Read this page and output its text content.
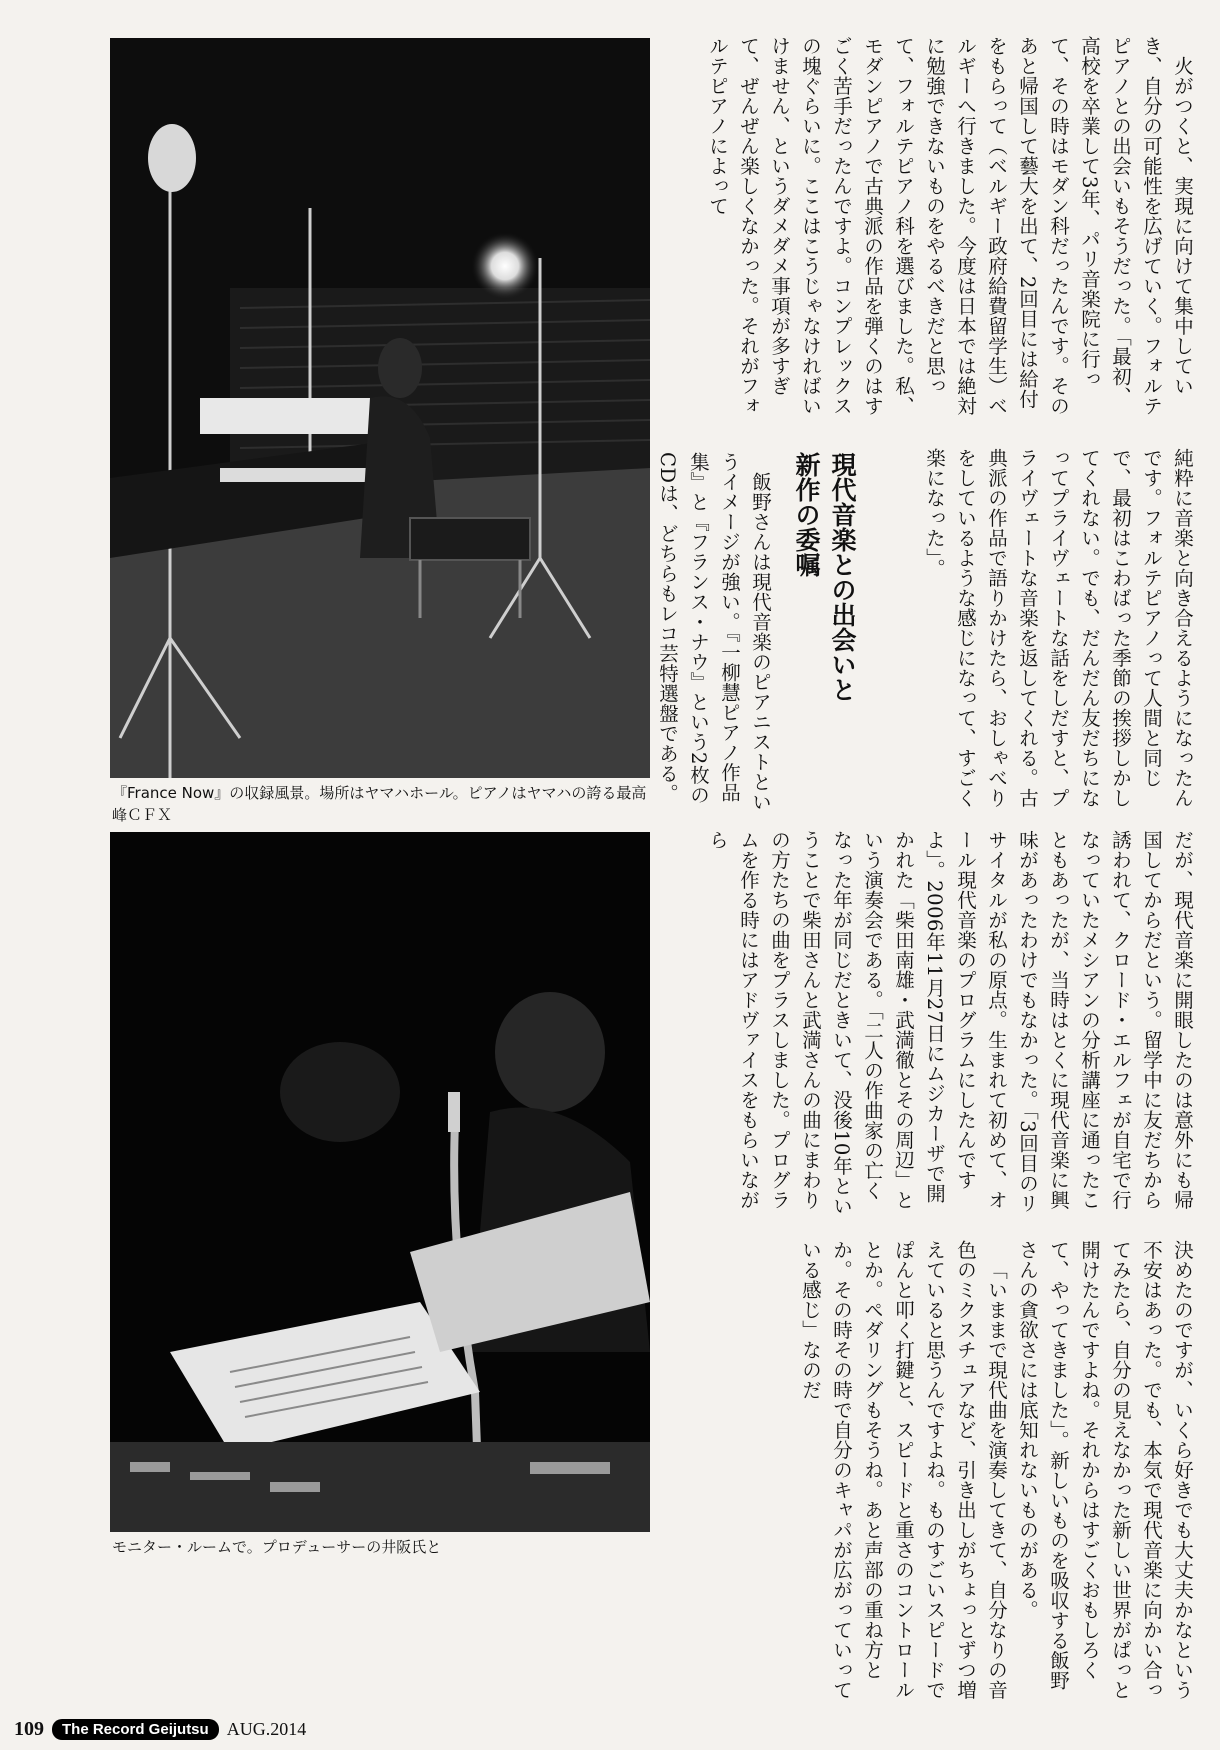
『France Now』の収録風景。場所はヤマハホール。ピアノはヤマハの誇る最高峰ＣＦＸ
モニター・ルームで。プロデューサーの井阪氏と

火がつくと、実現に向けて集中していき、自分の可能性を広げていく。フォルテピアノとの出会いもそうだった。「最初、高校を卒業して3年、パリ音楽院に行って、その時はモダン科だったんです。そのあと帰国して藝大を出て、2回目には給付をもらって（ベルギー政府給費留学生）ベルギーへ行きました。今度は日本では絶対に勉強できないものをやるべきだと思って、フォルテピアノ科を選びました。私、モダンピアノで古典派の作品を弾くのはすごく苦手だったんですよ。コンプレックスの塊ぐらいに。ここはこうじゃなければいけません、というダメダメ事項が多すぎて、ぜんぜん楽しくなかった。それがフォルテピアノによって

純粋に音楽と向き合えるようになったんです。フォルテピアノって人間と同じで、最初はこわばった季節の挨拶しかしてくれない。でも、だんだん友だちになってプライヴェートな話をしだすと、プライヴェートな音楽を返してくれる。古典派の作品で語りかけたら、おしゃべりをしているような感じになって、すごく楽になった」。

現代音楽との出会いと
新作の委嘱

飯野さんは現代音楽のピアニストというイメージが強い。『一柳慧ピアノ作品集』と『フランス・ナウ』という2枚のCDは、どちらもレコ芸特選盤である。

だが、現代音楽に開眼したのは意外にも帰国してからだという。留学中に友だちから誘われて、クロード・エルフェが自宅で行なっていたメシアンの分析講座に通ったこともあったが、当時はとくに現代音楽に興味があったわけでもなかった。「3回目のリサイタルが私の原点。生まれて初めて、オール現代音楽のプログラムにしたんですよ」。2006年11月27日にムジカーザで開かれた「柴田南雄・武満徹とその周辺」という演奏会である。「二人の作曲家の亡くなった年が同じだときいて、没後10年ということで柴田さんと武満さんの曲にまわりの方たちの曲をプラスしました。プログラムを作る時にはアドヴァイスをもらいながら

決めたのですが、いくら好きでも大丈夫かなという不安はあった。でも、本気で現代音楽に向かい合ってみたら、自分の見えなかった新しい世界がぱっと開けたんですよね。それからはすごくおもしろくて、やってきました」。新しいものを吸収する飯野さんの貪欲さには底知れないものがある。

「いままで現代曲を演奏してきて、自分なりの音色のミクスチュアなど、引き出しがちょっとずつ増えていると思うんですよね。ものすごいスピードでぽんと叩く打鍵と、スピードと重さのコントロールとか。ペダリングもそうね。あと声部の重ね方とか。その時その時で自分のキャパが広がっていっている感じ」なのだ

109	The Record Geijutsu	AUG.2014
